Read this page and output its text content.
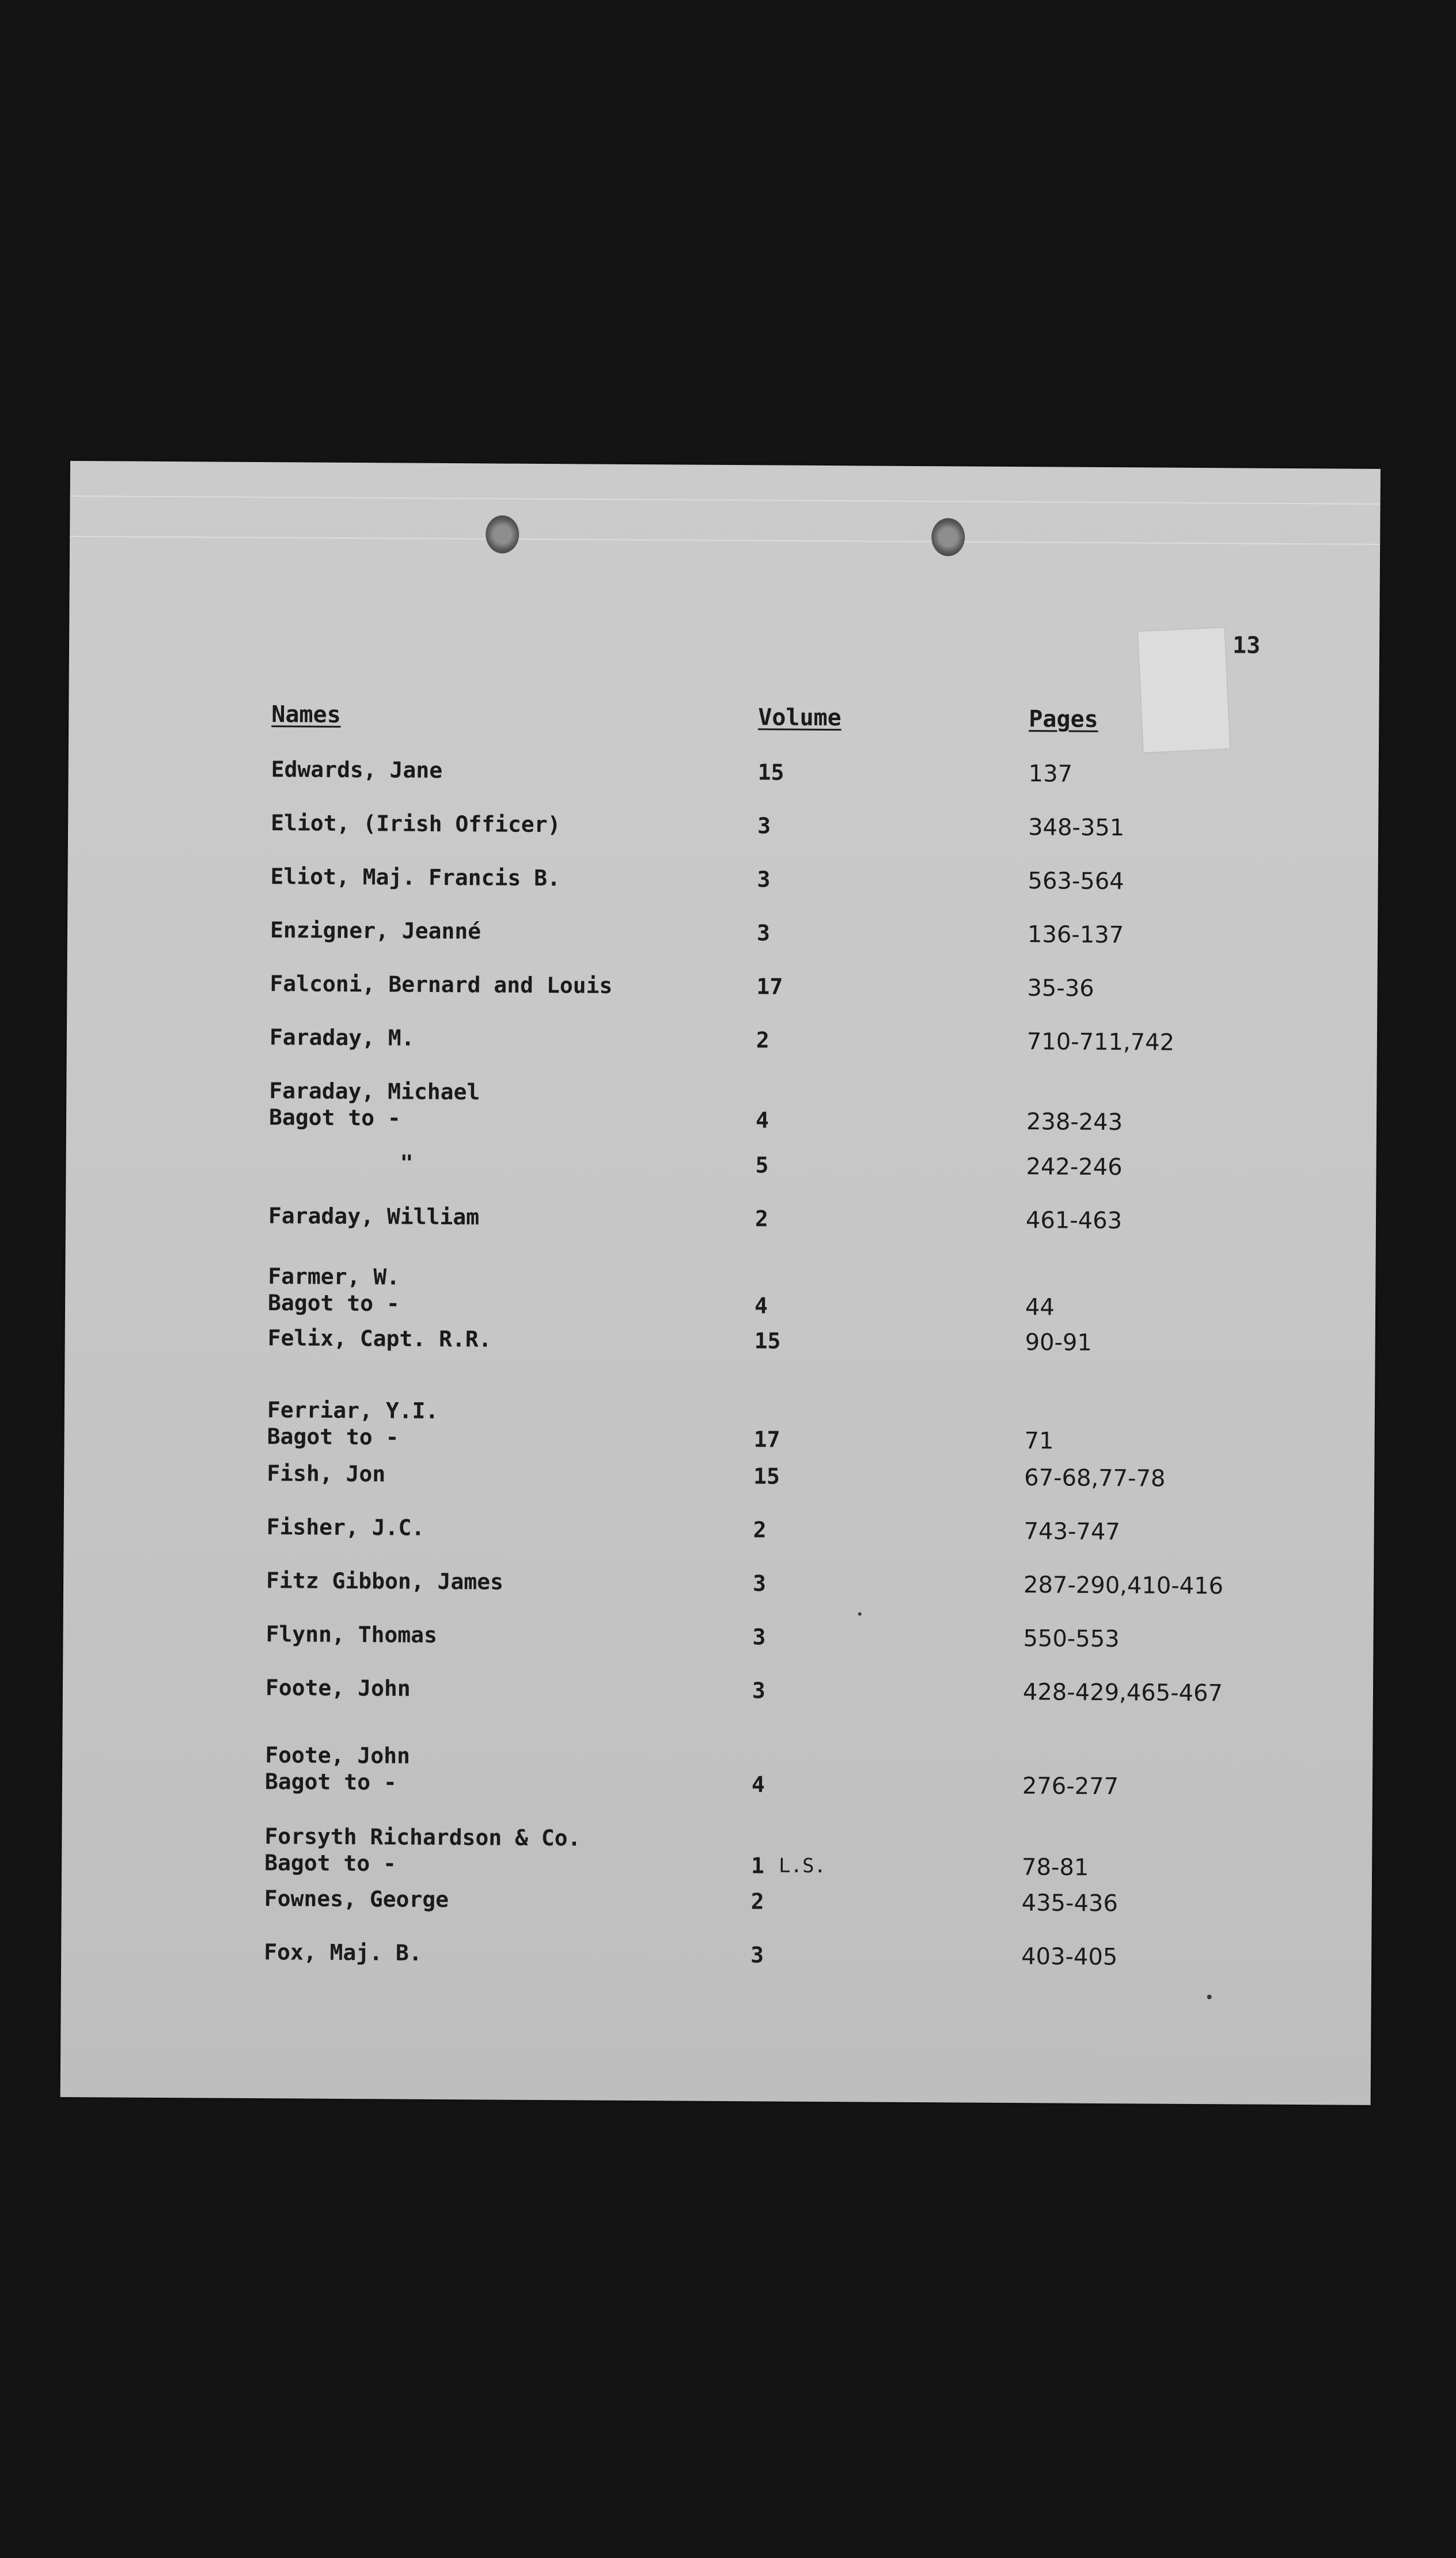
13
Names	Volume	Pages
Edwards, Jane	15	137
Eliot, (Irish Officer)	3	348-351
Eliot, Maj. Francis B.	3	563-564
Enzigner, Jeanné	3	136-137
Falconi, Bernard and Louis	17	35-36
Faraday, M.	2	710-711,742
Faraday, Michael
Bagot to -	4	238-243
"	5	242-246
Faraday, William	2	461-463
Farmer, W.
Bagot to -	4	44
Felix, Capt. R.R.	15	90-91
Ferriar, Y.I.
Bagot to -	17	71
Fish, Jon	15	67-68,77-78
Fisher, J.C.	2	743-747
Fitz Gibbon, James	3	287-290,410-416
Flynn, Thomas	3	550-553
Foote, John	3	428-429,465-467
Foote, John
Bagot to -	4	276-277
Forsyth Richardson & Co.
Bagot to -	1 L.S.	78-81
Fownes, George	2	435-436
Fox, Maj. B.	3	403-405
